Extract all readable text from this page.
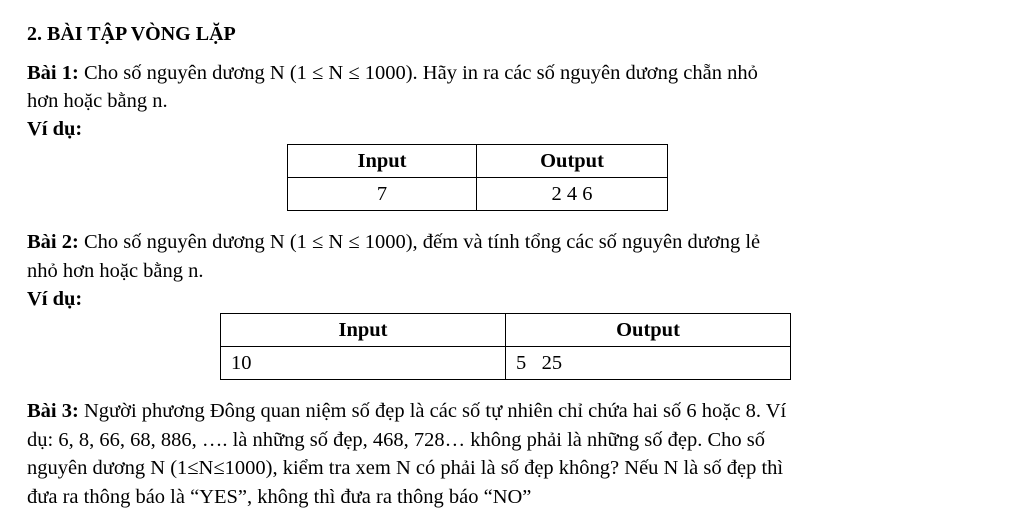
2. BÀI TẬP VÒNG LẶP
Bài 1: Cho số nguyên dương N (1 ≤ N ≤ 1000). Hãy in ra các số nguyên dương chẵn nhỏ
hơn hoặc bằng n.
Ví dụ:
Input	Output
7	2 4 6
Bài 2: Cho số nguyên dương N (1 ≤ N ≤ 1000), đếm và tính tổng các số nguyên dương lẻ
nhỏ hơn hoặc bằng n.
Ví dụ:
Input	Output
10	5   25
Bài 3: Người phương Đông quan niệm số đẹp là các số tự nhiên chỉ chứa hai số 6 hoặc 8. Ví
dụ: 6, 8, 66, 68, 886, …. là những số đẹp, 468, 728… không phải là những số đẹp. Cho số
nguyên dương N (1≤N≤1000), kiểm tra xem N có phải là số đẹp không? Nếu N là số đẹp thì
đưa ra thông báo là “YES”, không thì đưa ra thông báo “NO”
